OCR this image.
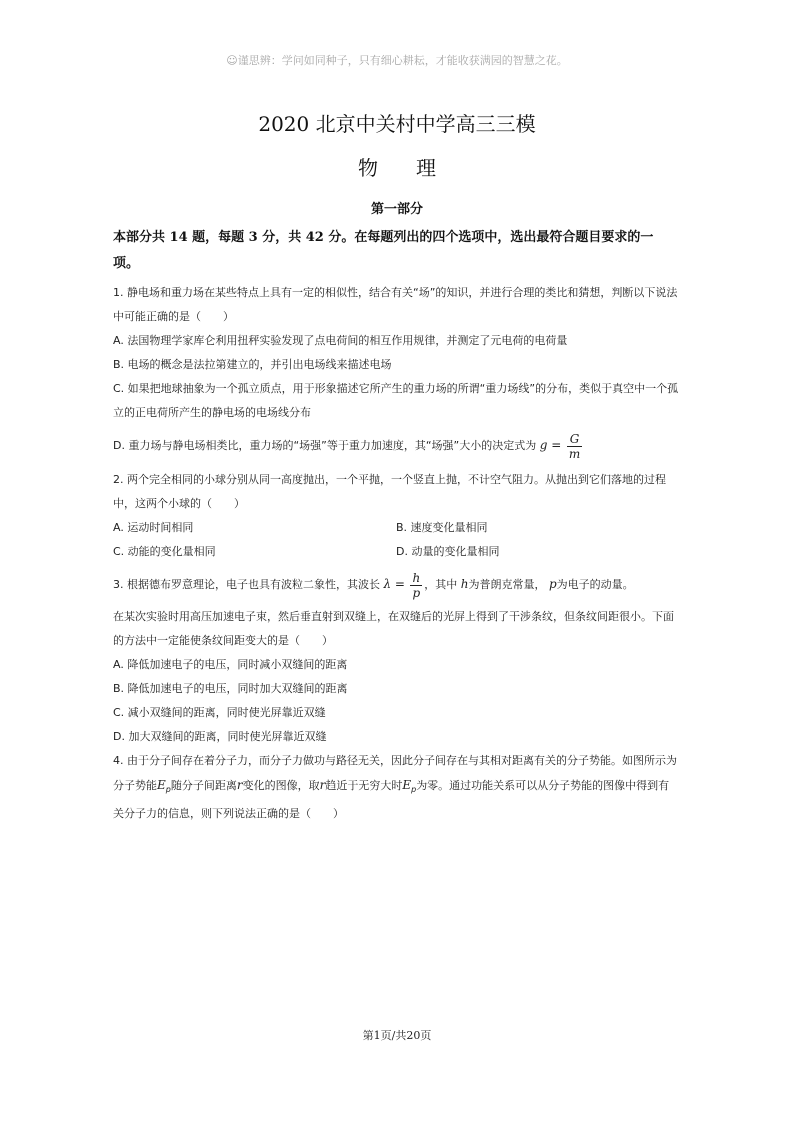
☺谨思辨：学问如同种子，只有细心耕耘，才能收获满园的智慧之花。
2020 北京中关村中学高三三模
物理
第一部分
本部分共 14 题，每题 3 分，共 42 分。在每题列出的四个选项中，选出最符合题目要求的一项。

1. 静电场和重力场在某些特点上具有一定的相似性，结合有关“场”的知识，并进行合理的类比和猜想，判断以下说法中可能正确的是（　　）

A. 法国物理学家库仑利用扭秤实验发现了点电荷间的相互作用规律，并测定了元电荷的电荷量

B. 电场的概念是法拉第建立的，并引出电场线来描述电场

C. 如果把地球抽象为一个孤立质点，用于形象描述它所产生的重力场的所谓“重力场线”的分布，类似于真空中一个孤立的正电荷所产生的静电场的电场线分布

D. 重力场与静电场相类比，重力场的“场强”等于重力加速度，其“场强”大小的决定式为 $g = \frac{G}{m}$

2. 两个完全相同的小球分别从同一高度抛出，一个平抛，一个竖直上抛，不计空气阻力。从抛出到它们落地的过程中，这两个小球的（　　）

A. 运动时间相同	B. 速度变化量相同

C. 动能的变化量相同	D. 动量的变化量相同

3. 根据德布罗意理论，电子也具有波粒二象性，其波长 $\lambda = \frac{h}{p}$ ，其中 h为普朗克常量， p为电子的动量。

在某次实验时用高压加速电子束，然后垂直射到双缝上，在双缝后的光屏上得到了干涉条纹，但条纹间距很小。下面的方法中一定能使条纹间距变大的是（　　）

A. 降低加速电子的电压，同时减小双缝间的距离

B. 降低加速电子的电压，同时加大双缝间的距离

C. 减小双缝间的距离，同时使光屏靠近双缝

D. 加大双缝间的距离，同时使光屏靠近双缝

4. 由于分子间存在着分子力，而分子力做功与路径无关，因此分子间存在与其相对距离有关的分子势能。如图所示为分子势能$E_p$随分子间距离r变化的图像，取r趋近于无穷大时$E_p$为零。通过功能关系可以从分子势能的图像中得到有关分子力的信息，则下列说法正确的是（　　）

第1页/共20页
